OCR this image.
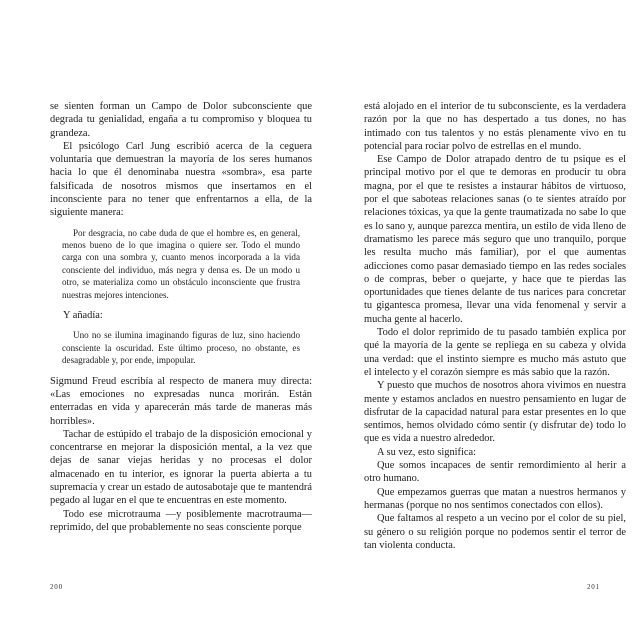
se sienten forman un Campo de Dolor subconsciente que degrada tu genialidad, engaña a tu compromiso y bloquea tu grandeza.

El psicólogo Carl Jung escribió acerca de la ceguera voluntaria que demuestran la mayoría de los seres humanos hacia lo que él denominaba nuestra «sombra», esa parte falsificada de nosotros mismos que insertamos en el inconsciente para no tener que enfrentarnos a ella, de la siguiente manera:

Por desgracia, no cabe duda de que el hombre es, en general, menos bueno de lo que imagina o quiere ser. Todo el mundo carga con una sombra y, cuanto menos incorporada a la vida consciente del individuo, más negra y densa es. De un modo u otro, se materializa como un obstáculo inconsciente que frustra nuestras mejores intenciones.

Y añadía:

Uno no se ilumina imaginando figuras de luz, sino haciendo consciente la oscuridad. Este último proceso, no obstante, es desagradable y, por ende, impopular.

Sigmund Freud escribía al respecto de manera muy directa: «Las emociones no expresadas nunca morirán. Están enterradas en vida y aparecerán más tarde de maneras más horribles».

Tachar de estúpido el trabajo de la disposición emocional y concentrarse en mejorar la disposición mental, a la vez que dejas de sanar viejas heridas y no procesas el dolor almacenado en tu interior, es ignorar la puerta abierta a tu supremacía y crear un estado de autosabotaje que te mantendrá pegado al lugar en el que te encuentras en este momento.

Todo ese microtrauma —y posiblemente macrotrauma— reprimido, del que probablemente no seas consciente porque

200

está alojado en el interior de tu subconsciente, es la verdadera razón por la que no has despertado a tus dones, no has intimado con tus talentos y no estás plenamente vivo en tu potencial para rociar polvo de estrellas en el mundo.

Ese Campo de Dolor atrapado dentro de tu psique es el principal motivo por el que te demoras en producir tu obra magna, por el que te resistes a instaurar hábitos de virtuoso, por el que saboteas relaciones sanas (o te sientes atraído por relaciones tóxicas, ya que la gente traumatizada no sabe lo que es lo sano y, aunque parezca mentira, un estilo de vida lleno de dramatismo les parece más seguro que uno tranquilo, porque les resulta mucho más familiar), por el que aumentas adicciones como pasar demasiado tiempo en las redes sociales o de compras, beber o quejarte, y hace que te pierdas las oportunidades que tienes delante de tus narices para concretar tu gigantesca promesa, llevar una vida fenomenal y servir a mucha gente al hacerlo.

Todo el dolor reprimido de tu pasado también explica por qué la mayoría de la gente se repliega en su cabeza y olvida una verdad: que el instinto siempre es mucho más astuto que el intelecto y el corazón siempre es más sabio que la razón.

Y puesto que muchos de nosotros ahora vivimos en nuestra mente y estamos anclados en nuestro pensamiento en lugar de disfrutar de la capacidad natural para estar presentes en lo que sentimos, hemos olvidado cómo sentir (y disfrutar de) todo lo que es vida a nuestro alrededor.

A su vez, esto significa:

Que somos incapaces de sentir remordimiento al herir a otro humano.

Que empezamos guerras que matan a nuestros hermanos y hermanas (porque no nos sentimos conectados con ellos).

Que faltamos al respeto a un vecino por el color de su piel, su género o su religión porque no podemos sentir el terror de tan violenta conducta.

201
